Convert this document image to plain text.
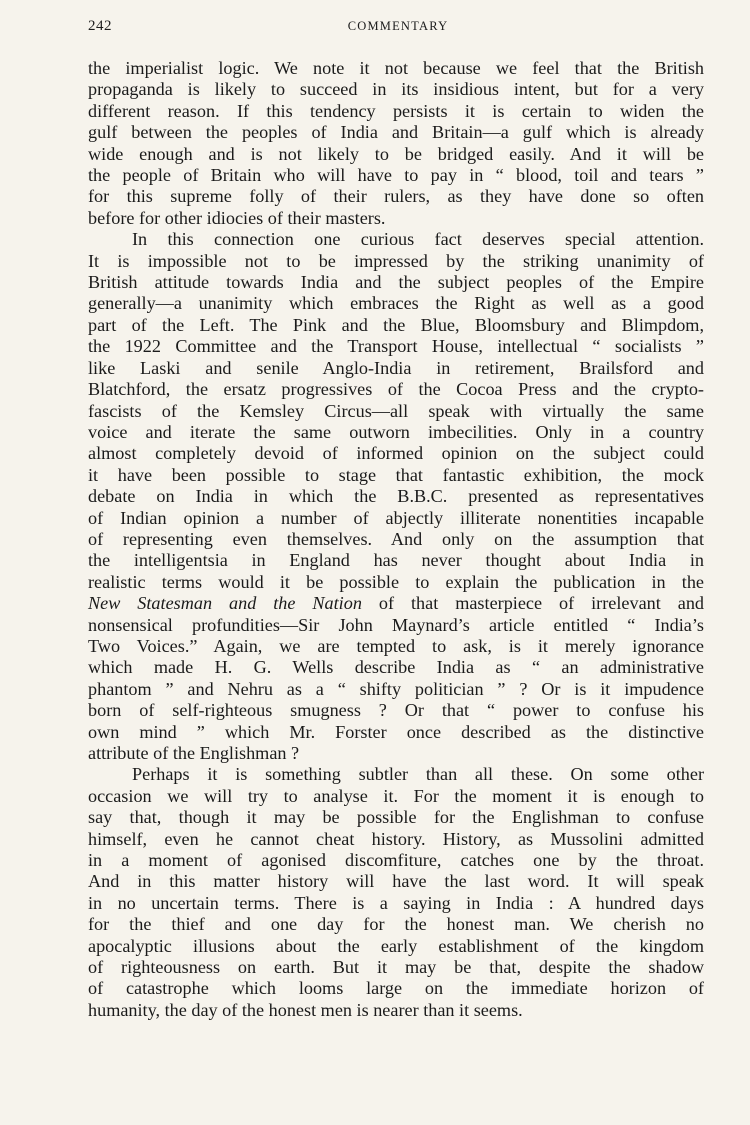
242	COMMENTARY
the imperialist logic. We note it not because we feel that the British
propaganda is likely to succeed in its insidious intent, but for a very
different reason. If this tendency persists it is certain to widen the
gulf between the peoples of India and Britain—a gulf which is already
wide enough and is not likely to be bridged easily. And it will be
the people of Britain who will have to pay in “ blood, toil and tears ”
for this supreme folly of their rulers, as they have done so often
before for other idiocies of their masters.
In this connection one curious fact deserves special attention.
It is impossible not to be impressed by the striking unanimity of
British attitude towards India and the subject peoples of the Empire
generally—a unanimity which embraces the Right as well as a good
part of the Left. The Pink and the Blue, Bloomsbury and Blimpdom,
the 1922 Committee and the Transport House, intellectual “ socialists ”
like Laski and senile Anglo-India in retirement, Brailsford and
Blatchford, the ersatz progressives of the Cocoa Press and the crypto-
fascists of the Kemsley Circus—all speak with virtually the same
voice and iterate the same outworn imbecilities. Only in a country
almost completely devoid of informed opinion on the subject could
it have been possible to stage that fantastic exhibition, the mock
debate on India in which the B.B.C. presented as representatives
of Indian opinion a number of abjectly illiterate nonentities incapable
of representing even themselves. And only on the assumption that
the intelligentsia in England has never thought about India in
realistic terms would it be possible to explain the publication in the
New Statesman and the Nation of that masterpiece of irrelevant and
nonsensical profundities—Sir John Maynard’s article entitled “ India’s
Two Voices.” Again, we are tempted to ask, is it merely ignorance
which made H. G. Wells describe India as “ an administrative
phantom ” and Nehru as a “ shifty politician ” ? Or is it impudence
born of self-righteous smugness ? Or that “ power to confuse his
own mind ” which Mr. Forster once described as the distinctive
attribute of the Englishman ?
Perhaps it is something subtler than all these. On some other
occasion we will try to analyse it. For the moment it is enough to
say that, though it may be possible for the Englishman to confuse
himself, even he cannot cheat history. History, as Mussolini admitted
in a moment of agonised discomfiture, catches one by the throat.
And in this matter history will have the last word. It will speak
in no uncertain terms. There is a saying in India : A hundred days
for the thief and one day for the honest man. We cherish no
apocalyptic illusions about the early establishment of the kingdom
of righteousness on earth. But it may be that, despite the shadow
of catastrophe which looms large on the immediate horizon of
humanity, the day of the honest men is nearer than it seems.
